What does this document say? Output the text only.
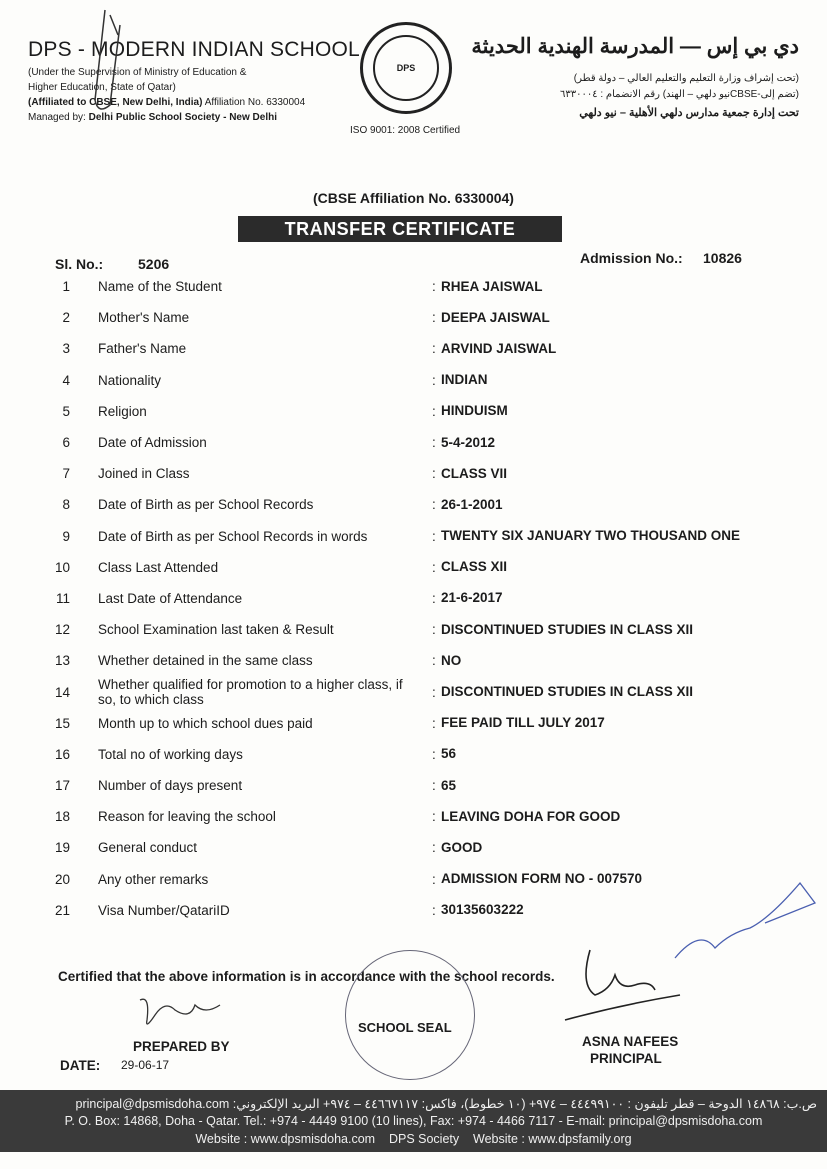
DPS - MODERN INDIAN SCHOOL
(Under the Supervision of Ministry of Education &
Higher Education, State of Qatar)
(Affiliated to CBSE, New Delhi, India) Affiliation No. 6330004
Managed by: Delhi Public School Society - New Delhi
DPS
ISO 9001: 2008 Certified
دي بي إس — المدرسة الهندية الحديثة
(تحت إشراف وزارة التعليم والتعليم العالي – دولة قطر)
(تضم إلى-CBSEنيو دلهي – الهند) رقم الانضمام : ٦٣٣٠٠٠٤
تحت إدارة جمعية مدارس دلهي الأهلية – نيو دلهي
(CBSE Affiliation No. 6330004)
TRANSFER CERTIFICATE
Sl. No.: 5206	Admission No.: 10826
1 Name of the Student	: RHEA JAISWAL
2 Mother's Name	: DEEPA JAISWAL
3 Father's Name	: ARVIND JAISWAL
4 Nationality	: INDIAN
5 Religion	: HINDUISM
6 Date of Admission	: 5-4-2012
7 Joined in Class	: CLASS VII
8 Date of Birth as per School Records	: 26-1-2001
9 Date of Birth as per School Records in words	: TWENTY SIX JANUARY TWO THOUSAND ONE
10 Class Last Attended	: CLASS XII
11 Last Date of Attendance	: 21-6-2017
12 School Examination last taken & Result	: DISCONTINUED STUDIES IN CLASS XII
13 Whether detained in the same class	: NO
14 Whether qualified for promotion to a higher class, if so, to which class	: DISCONTINUED STUDIES IN CLASS XII
15 Month up to which school dues paid	: FEE PAID TILL JULY 2017
16 Total no of working days	: 56
17 Number of days present	: 65
18 Reason for leaving the school	: LEAVING DOHA FOR GOOD
19 General conduct	: GOOD
20 Any other remarks	: ADMISSION FORM NO - 007570
21 Visa Number/QatariID	: 30135603222
Certified that the above information is in accordance with the school records.
SCHOOL SEAL
PREPARED BY
DATE: 29-06-17
ASNA NAFEES
PRINCIPAL
ص.ب: ١٤٨٦٨ الدوحة – قطر تليفون : ٤٤٤٩٩١٠٠ – ٩٧٤+ (١٠ خطوط)، فاكس: ٤٤٦٦٧١١٧ – ٩٧٤+ البريد الإلكتروني: principal@dpsmisdoha.com
P. O. Box: 14868, Doha - Qatar. Tel.: +974 - 4449 9100 (10 lines), Fax: +974 - 4466 7117 - E-mail: principal@dpsmisdoha.com
Website : www.dpsmisdoha.com    DPS Society    Website : www.dpsfamily.org
